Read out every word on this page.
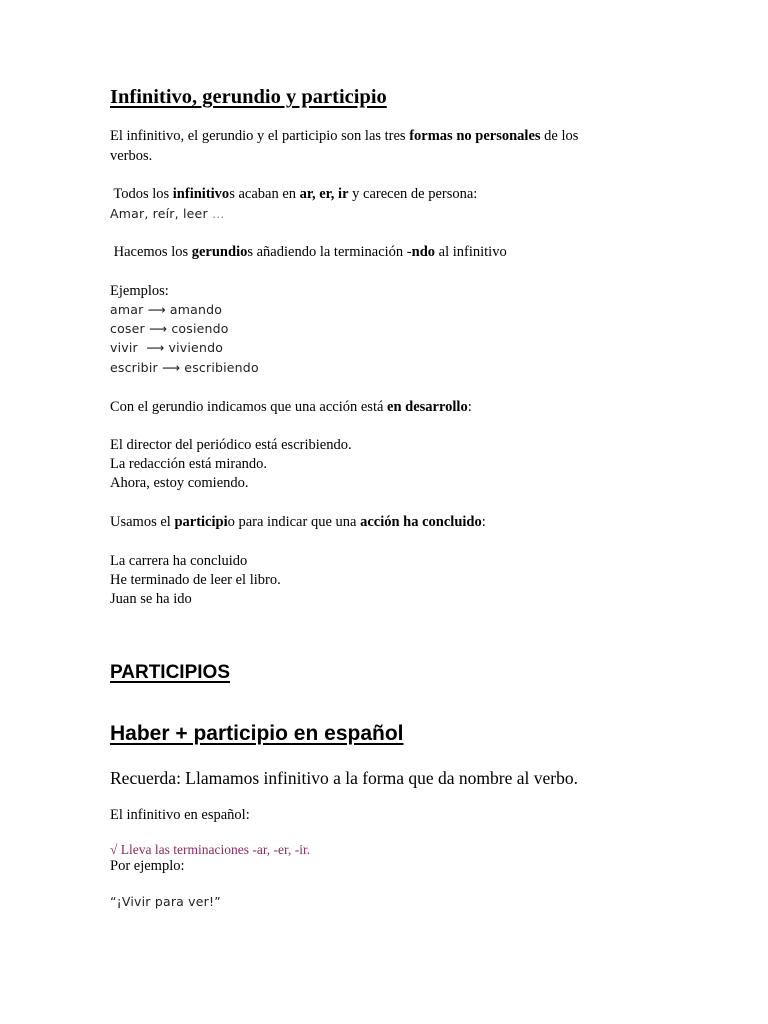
Infinitivo, gerundio y participio
El infinitivo, el gerundio y el participio son las tres formas no personales de los
verbos.
Todos los infinitivos acaban en ar, er, ir y carecen de persona:
Amar, reír, leer …
Hacemos los gerundios añadiendo la terminación -ndo al infinitivo
Ejemplos:
amar ⟶ amando
coser ⟶ cosiendo
vivir  ⟶ viviendo
escribir ⟶ escribiendo
Con el gerundio indicamos que una acción está en desarrollo:
El director del periódico está escribiendo.
La redacción está mirando.
Ahora, estoy comiendo.
Usamos el participio para indicar que una acción ha concluido:
La carrera ha concluido
He terminado de leer el libro.
Juan se ha ido
PARTICIPIOS
Haber + participio en español
Recuerda: Llamamos infinitivo a la forma que da nombre al verbo.
El infinitivo en español:
√ Lleva las terminaciones -ar, -er, -ir.
Por ejemplo:
“¡Vivir para ver!”
